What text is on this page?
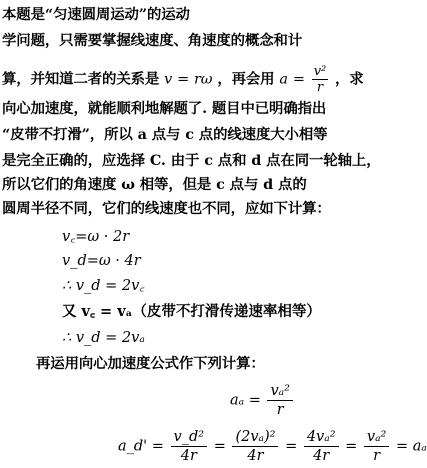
本题是“匀速圆周运动”的运动
学问题，只需要掌握线速度、角速度的概念和计
算，并知道二者的关系是 v = rω ，再会用 $a = \frac{\text{v²}}{r}$ ，求
向心加速度，就能顺利地解题了. 题目中已明确指出
“皮带不打滑”，所以 a 点与 c 点的线速度大小相等
是完全正确的，应选择 C. 由于 c 点和 d 点在同一轮轴上，
所以它们的角速度 ω 相等，但是 c 点与 d 点的
圆周半径不同，它们的线速度也不同，应如下计算：
v꜀=ω · 2r
v_d=ω · 4r
∴ v_d = 2v꜀
又 v꜀ = vₐ（皮带不打滑传递速率相等）
∴ v_d = 2vₐ
再运用向心加速度公式作下列计算：
$a_a = \frac{\text{vₐ²}}{r}$
a_d' = $\frac{\text{v\_d²}}{4r} = \frac{\text{(2vₐ)²}}{4r} = \frac{\text{4vₐ²}}{4r} = \frac{\text{vₐ²}}{r} = a_a$
